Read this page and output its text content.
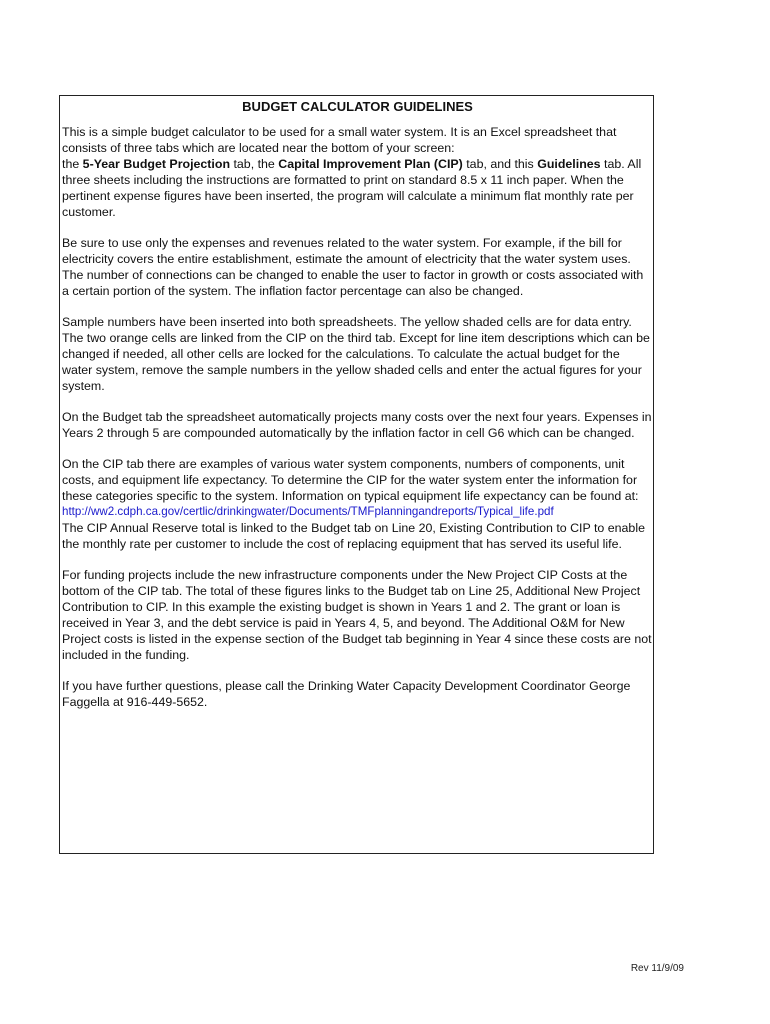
BUDGET CALCULATOR GUIDELINES
This is a simple budget calculator to be used for a small water system. It is an Excel spreadsheet that consists of three tabs which are located near the bottom of your screen:
the 5-Year Budget Projection tab, the Capital Improvement Plan (CIP) tab, and this Guidelines tab. All three sheets including the instructions are formatted to print on standard 8.5 x 11 inch paper. When the pertinent expense figures have been inserted, the program will calculate a minimum flat monthly rate per customer.
Be sure to use only the expenses and revenues related to the water system. For example, if the bill for electricity covers the entire establishment, estimate the amount of electricity that the water system uses. The number of connections can be changed to enable the user to factor in growth or costs associated with a certain portion of the system. The inflation factor percentage can also be changed.
Sample numbers have been inserted into both spreadsheets. The yellow shaded cells are for data entry. The two orange cells are linked from the CIP on the third tab. Except for line item descriptions which can be changed if needed, all other cells are locked for the calculations. To calculate the actual budget for the water system, remove the sample numbers in the yellow shaded cells and enter the actual figures for your system.
On the Budget tab the spreadsheet automatically projects many costs over the next four years. Expenses in Years 2 through 5 are compounded automatically by the inflation factor in cell G6 which can be changed.
On the CIP tab there are examples of various water system components, numbers of components, unit costs, and equipment life expectancy. To determine the CIP for the water system enter the information for these categories specific to the system. Information on typical equipment life expectancy can be found at:
http://ww2.cdph.ca.gov/certlic/drinkingwater/Documents/TMFplanningandreports/Typical_life.pdf
The CIP Annual Reserve total is linked to the Budget tab on Line 20, Existing Contribution to CIP to enable the monthly rate per customer to include the cost of replacing equipment that has served its useful life.
For funding projects include the new infrastructure components under the New Project CIP Costs at the bottom of the CIP tab. The total of these figures links to the Budget tab on Line 25, Additional New Project Contribution to CIP. In this example the existing budget is shown in Years 1 and 2. The grant or loan is received in Year 3, and the debt service is paid in Years 4, 5, and beyond. The Additional O&M for New Project costs is listed in the expense section of the Budget tab beginning in Year 4 since these costs are not included in the funding.
If you have further questions, please call the Drinking Water Capacity Development Coordinator George Faggella at 916-449-5652.
Rev 11/9/09
